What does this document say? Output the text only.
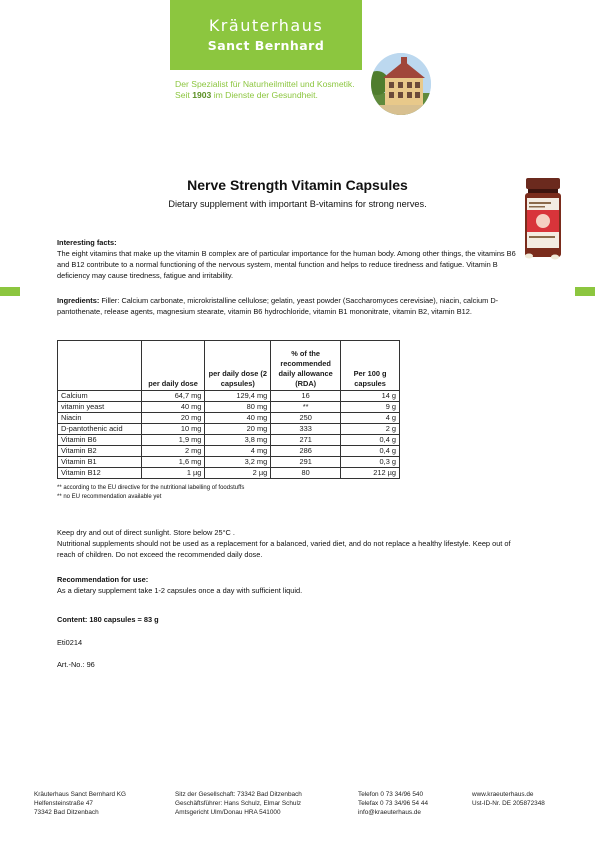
Kräuterhaus
Sanct Bernhard
Der Spezialist für Naturheilmittel und Kosmetik.
Seit 1903 im Dienste der Gesundheit.
Nerve Strength Vitamin Capsules
Dietary supplement with important B-vitamins for strong nerves.
Interesting facts:
The eight vitamins that make up the vitamin B complex are of particular importance for the human body. Among other things, the vitamins B6 and B12 contribute to a normal functioning of the nervous system, mental function and helps to reduce tiredness and fatigue. Vitamin B deficiency may cause tiredness, fatigue and irritability.
Ingredients: Filler: Calcium carbonate, microkristalline cellulose; gelatin, yeast powder (Saccharomyces cerevisiae), niacin, calcium D-pantothenate, release agents, magnesium stearate, vitamin B6 hydrochloride, vitamin B1 mononitrate, vitamin B2, vitamin B12.
	per daily dose	per daily dose (2 capsules)	% of the recommended daily allowance (RDA)	Per 100 g capsules
Calcium	64,7 mg	129,4 mg	16	14 g
vitamin yeast	40 mg	80 mg	**	9 g
Niacin	20 mg	40 mg	250	4 g
D-pantothenic acid	10 mg	20 mg	333	2 g
Vitamin B6	1,9 mg	3,8 mg	271	0,4 g
Vitamin B2	2 mg	4 mg	286	0,4 g
Vitamin B1	1,6 mg	3,2 mg	291	0,3 g
Vitamin B12	1 µg	2 µg	80	212 µg
** according to the EU directive for the nutritional labelling of foodstuffs
** no EU recommendation available yet
Keep dry and out of direct sunlight. Store below 25°C .
Nutritional supplements should not be used as a replacement for a balanced, varied diet, and do not replace a healthy lifestyle. Keep out of reach of children. Do not exceed the recommended daily dose.
Recommendation for use:
As a dietary supplement take 1-2 capsules once a day with sufficient liquid.
Content: 180 capsules = 83 g
Eti0214
Art.-No.: 96
Kräuterhaus Sanct Bernhard KG
Helfensteinstraße 47
73342 Bad Ditzenbach
Sitz der Gesellschaft: 73342 Bad Ditzenbach
Geschäftsführer: Hans Schulz, Elmar Schulz
Amtsgericht Ulm/Donau HRA 541000
Telefon 0 73 34/96 540
Telefax 0 73 34/96 54 44
info@kraeuterhaus.de
www.kraeuterhaus.de
Ust-ID-Nr. DE 205872348
